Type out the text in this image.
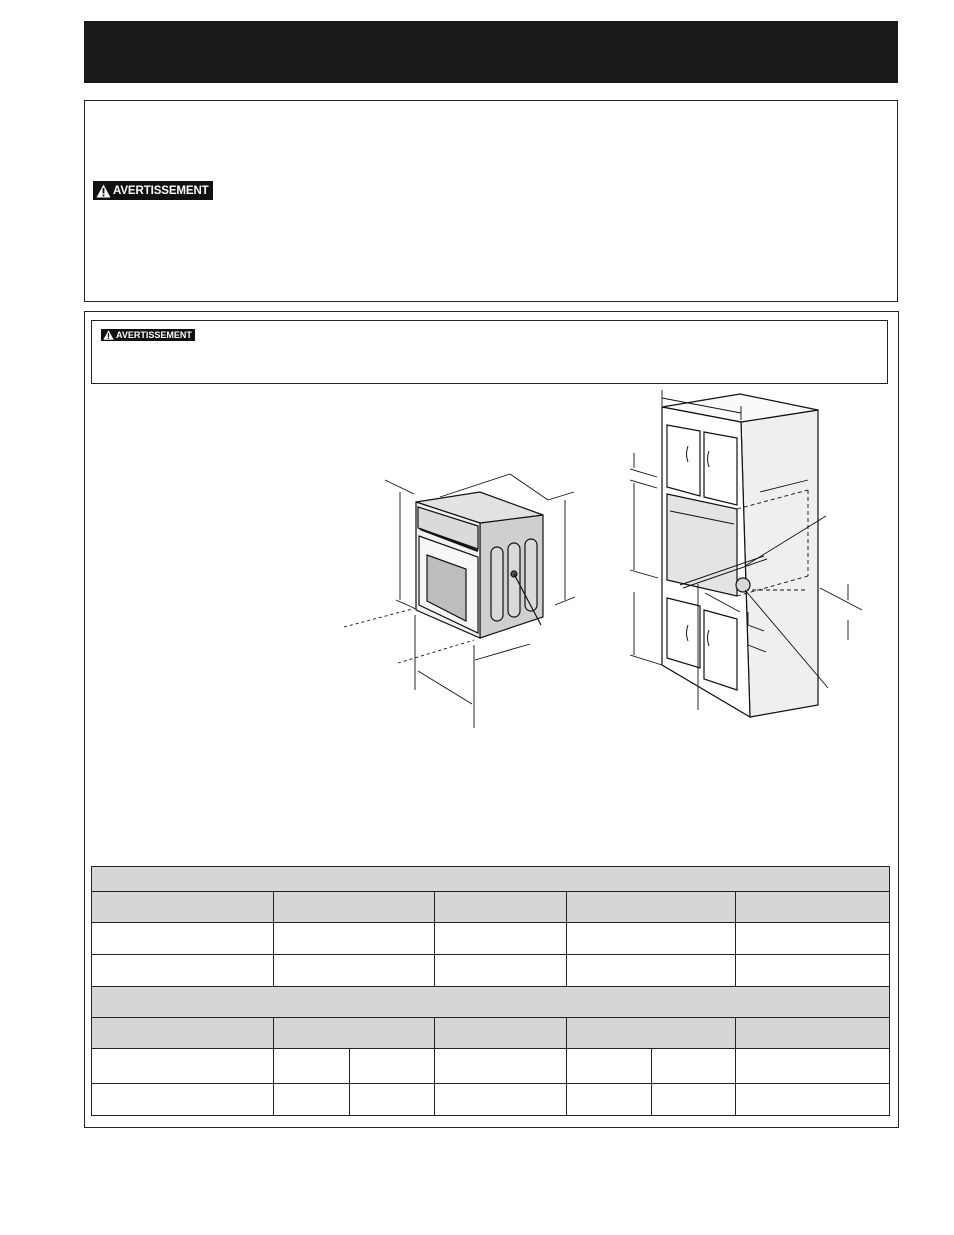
AVERTISSEMENT
AVERTISSEMENT
